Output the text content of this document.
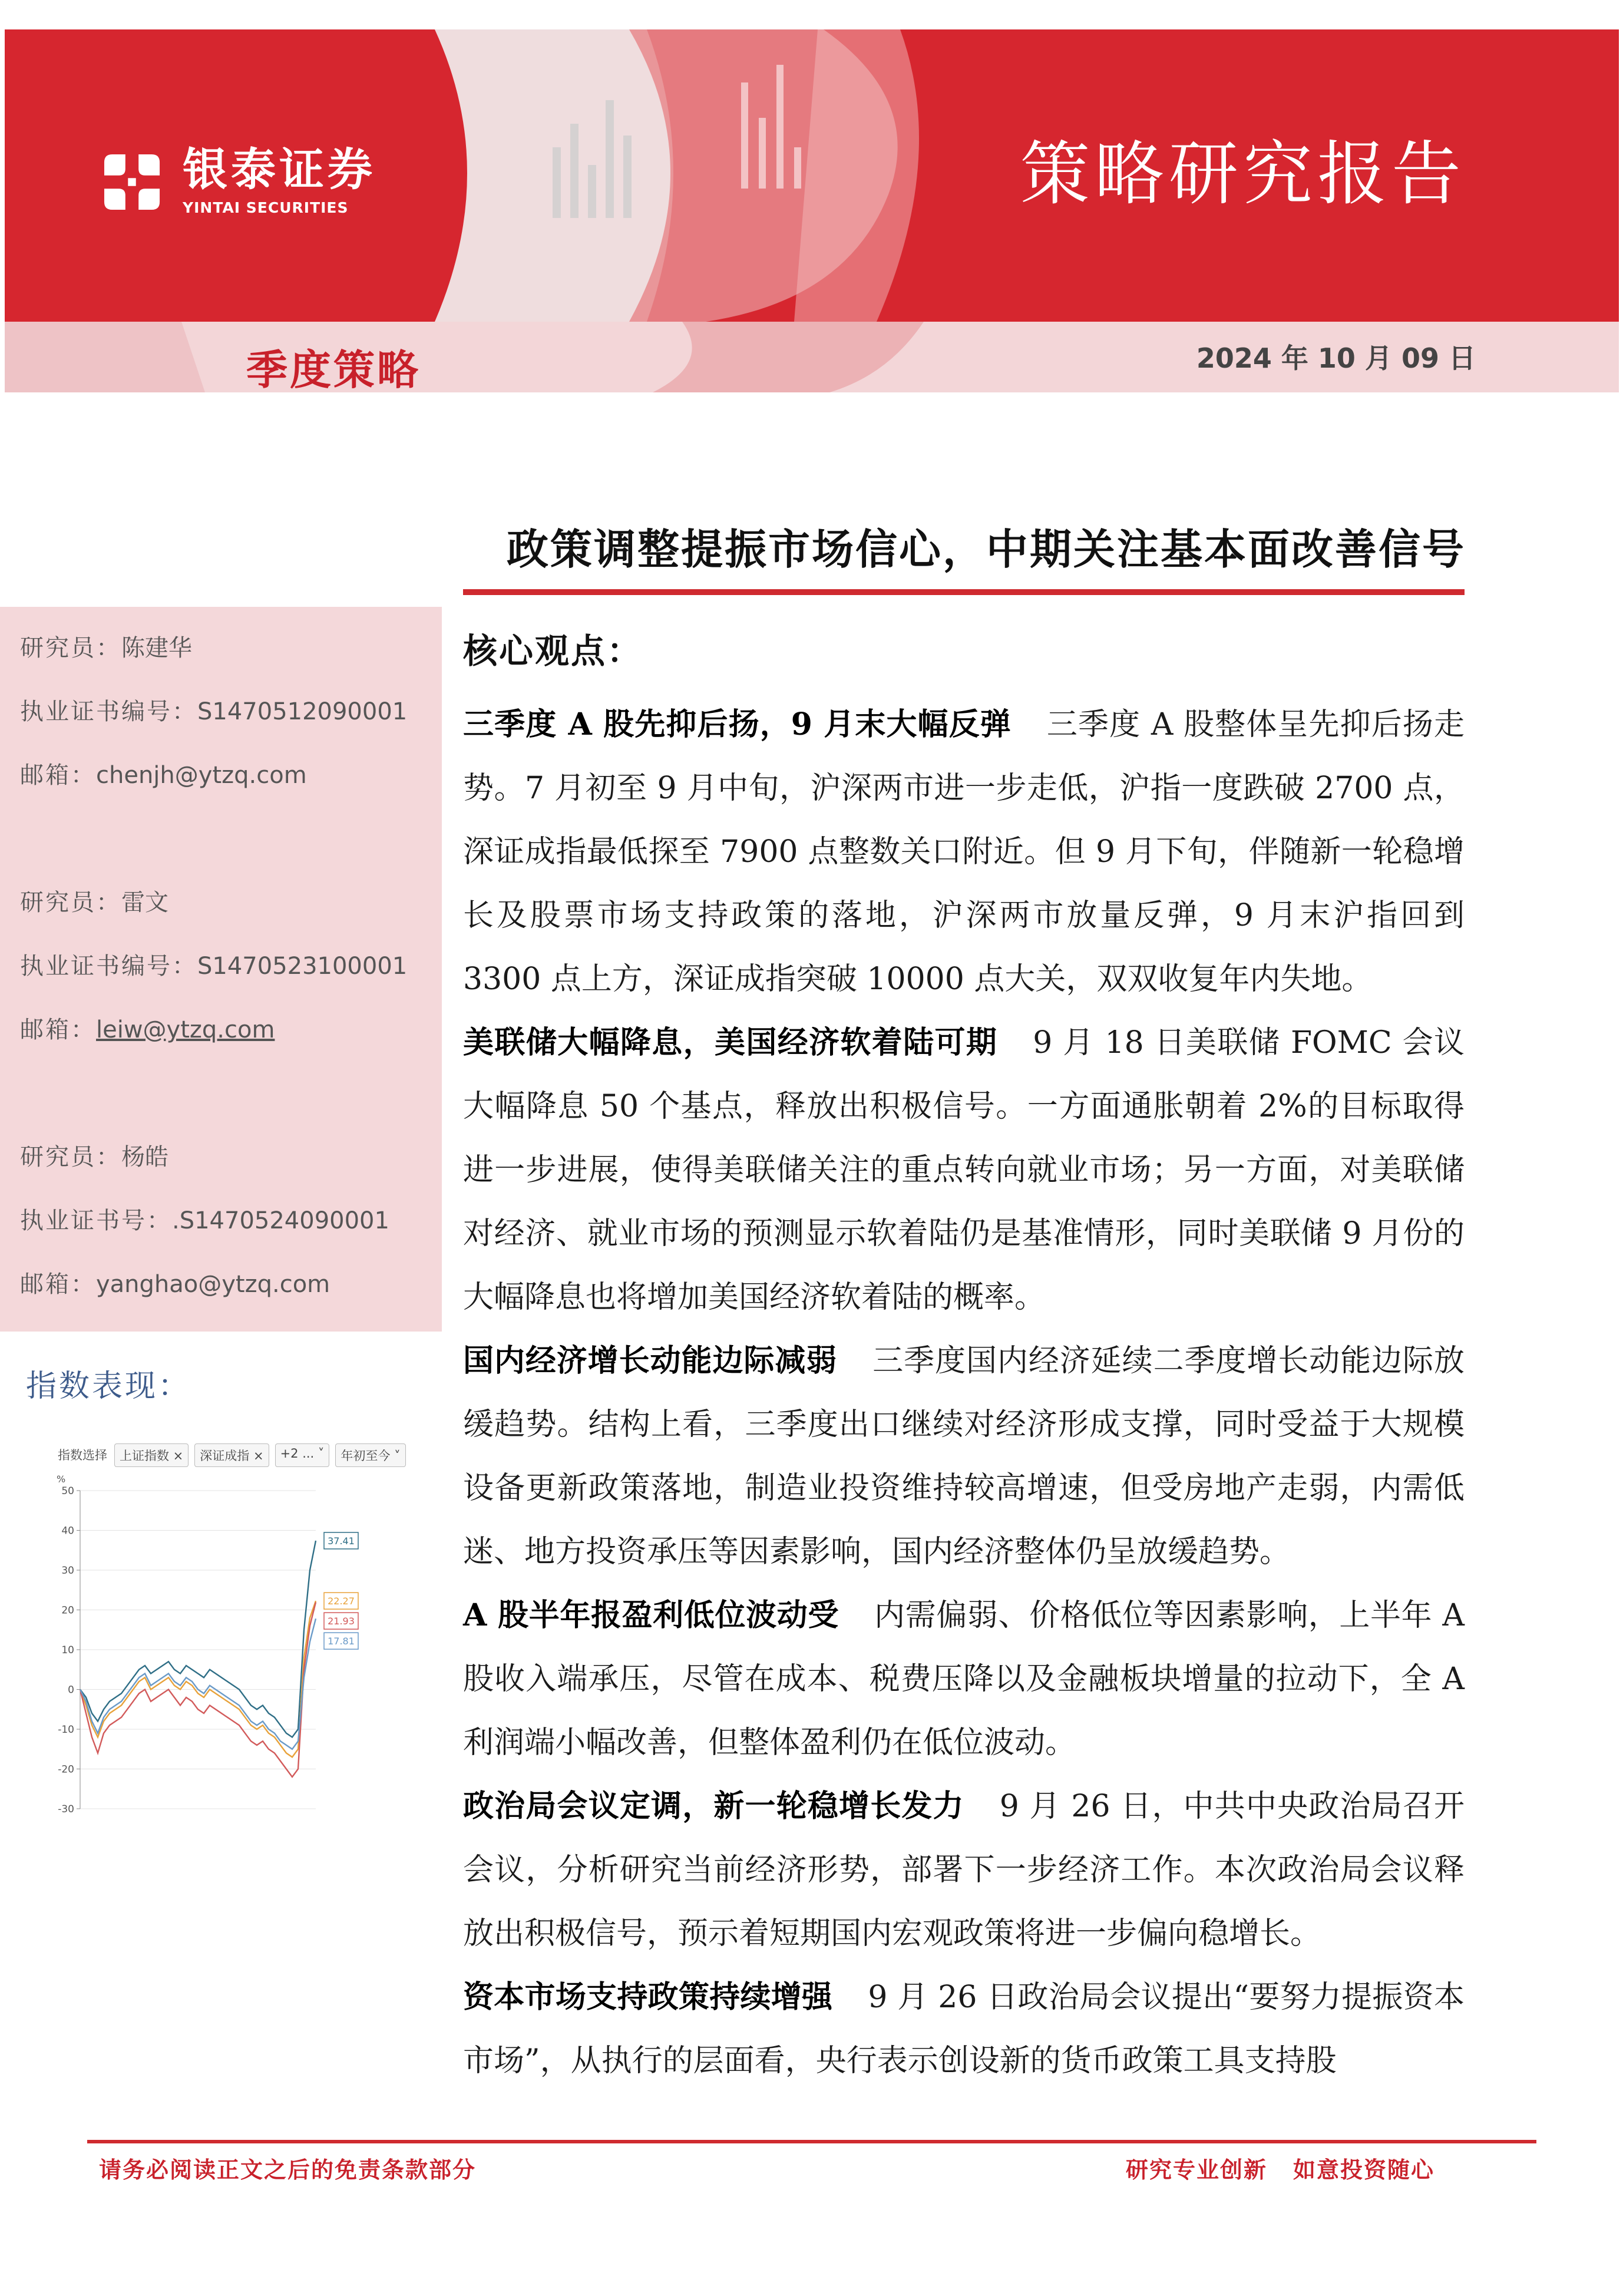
银泰证券
YINTAI SECURITIES	策略研究报告
季度策略	2024 年 10 月 09 日
政策调整提振市场信心，中期关注基本面改善信号
研究员：陈建华
执业证书编号：S1470512090001
邮箱：chenjh@ytzq.com
研究员：雷文
执业证书编号：S1470523100001
邮箱：leiw@ytzq.com
研究员：杨皓
执业证书号：.S1470524090001
邮箱：yanghao@ytzq.com
指数表现：
指数选择	上证指数 ×	深证成指 ×	+2 ... ˅	年初至今 ˅
%
50
40
30
20
10
0
-10
-20
-30
37.41
22.27
21.93
17.81
核心观点：

三季度 A 股先抑后扬，9 月末大幅反弹 三季度 A 股整体呈先抑后扬走势。7 月初至 9 月中旬，沪深两市进一步走低，沪指一度跌破 2700 点，深证成指最低探至 7900 点整数关口附近。但 9 月下旬，伴随新一轮稳增长及股票市场支持政策的落地，沪深两市放量反弹，9 月末沪指回到 3300 点上方，深证成指突破 10000 点大关，双双收复年内失地。

美联储大幅降息，美国经济软着陆可期 9 月 18 日美联储 FOMC 会议大幅降息 50 个基点，释放出积极信号。一方面通胀朝着 2%的目标取得进一步进展，使得美联储关注的重点转向就业市场；另一方面，对美联储对经济、就业市场的预测显示软着陆仍是基准情形，同时美联储 9 月份的大幅降息也将增加美国经济软着陆的概率。

国内经济增长动能边际减弱 三季度国内经济延续二季度增长动能边际放缓趋势。结构上看，三季度出口继续对经济形成支撑，同时受益于大规模设备更新政策落地，制造业投资维持较高增速，但受房地产走弱，内需低迷、地方投资承压等因素影响，国内经济整体仍呈放缓趋势。

A 股半年报盈利低位波动受 内需偏弱、价格低位等因素影响，上半年 A 股收入端承压，尽管在成本、税费压降以及金融板块增量的拉动下，全 A 利润端小幅改善，但整体盈利仍在低位波动。

政治局会议定调，新一轮稳增长发力 9 月 26 日，中共中央政治局召开会议，分析研究当前经济形势，部署下一步经济工作。本次政治局会议释放出积极信号，预示着短期国内宏观政策将进一步偏向稳增长。

资本市场支持政策持续增强 9 月 26 日政治局会议提出“要努力提振资本市场”，从执行的层面看，央行表示创设新的货币政策工具支持股

请务必阅读正文之后的免责条款部分	研究专业创新 如意投资随心
